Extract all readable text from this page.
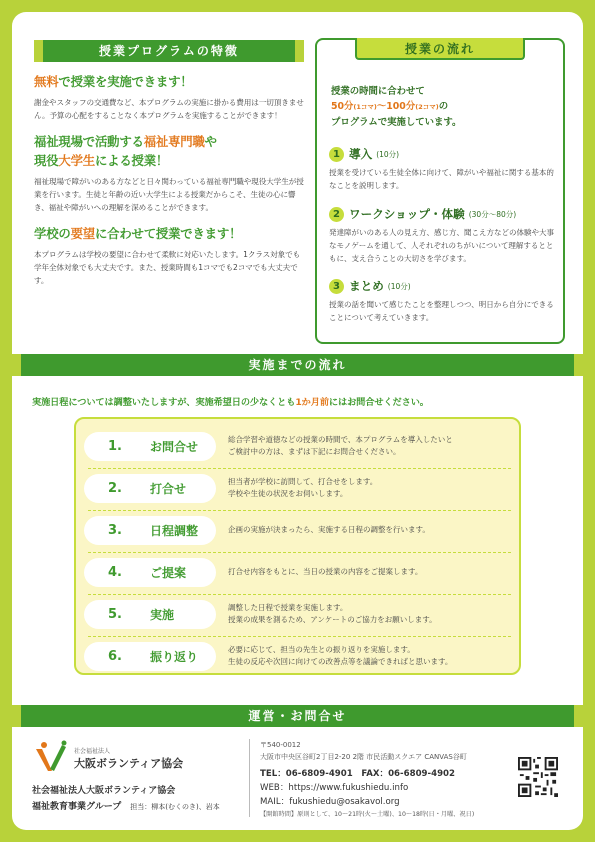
授業プログラムの特徴
無料で授業を実施できます！

謝金やスタッフの交通費など、本プログラムの実施に掛かる費用は一切頂きません。予算の心配をすることなく本プログラムを実施することができます！

福祉現場で活動する福祉専門職や
現役大学生による授業！

福祉現場で障がいのある方などと日々関わっている福祉専門職や現役大学生が授業を行います。生徒と年齢の近い大学生による授業だからこそ、生徒の心に響き、福祉や障がいへの理解を深めることができます。

学校の要望に合わせて授業できます！

本プログラムは学校の要望に合わせて柔軟に対応いたします。1クラス対象でも学年全体対象でも大丈夫です。また、授業時間も1コマでも2コマでも大丈夫です。

授業の流れ
授業の時間に合わせて
50分(1コマ)～100分(2コマ)の
プログラムで実施しています。
1 導入 (10分)

授業を受けている生徒全体に向けて、障がいや福祉に関する基本的なことを説明します。

2 ワークショップ・体験 (30分～80分)

発達障がいのある人の見え方、感じ方、聞こえ方などの体験や大事なモノゲームを通して、人それぞれのちがいについて理解するとともに、支え合うことの大切さを学びます。

3 まとめ (10分)

授業の話を聞いて感じたことを整理しつつ、明日から自分にできることについて考えていきます。

実施までの流れ
実施日程については調整いたしますが、実施希望日の少なくとも1か月前にはお問合せください。
1.	お問合せ
総合学習や道徳などの授業の時間で、本プログラムを導入したいと
ご検討中の方は、まずは下記にお問合せください。
2.	打合せ
担当者が学校に訪問して、打合せをします。
学校や生徒の状況をお伺いします。
3.	日程調整	企画の実施が決まったら、実施する日程の調整を行います。
4.	ご提案	打合せ内容をもとに、当日の授業の内容をご提案します。
5.	実施
調整した日程で授業を実施します。
授業の成果を測るため、アンケートのご協力をお願いします。
6.	振り返り
必要に応じて、担当の先生との振り返りを実施します。
生徒の反応や次回に向けての改善点等を議論できればと思います。
運営・お問合せ
社会福祉法人
大阪ボランティア協会
社会福祉法人大阪ボランティア協会
福祉教育事業グループ　 担当：柳本(むくのき)、岩本
〒540-0012
大阪市中央区谷町2丁目2-20 2階 市民活動スクエア CANVAS谷町
TEL：06-6809-4901　FAX：06-6809-4902
WEB：https://www.fukushiedu.info
MAIL：fukushiedu@osakavol.org
【開館時間】原則として、10～21時(火～土曜)、10～18時(日・月曜、祝日)
